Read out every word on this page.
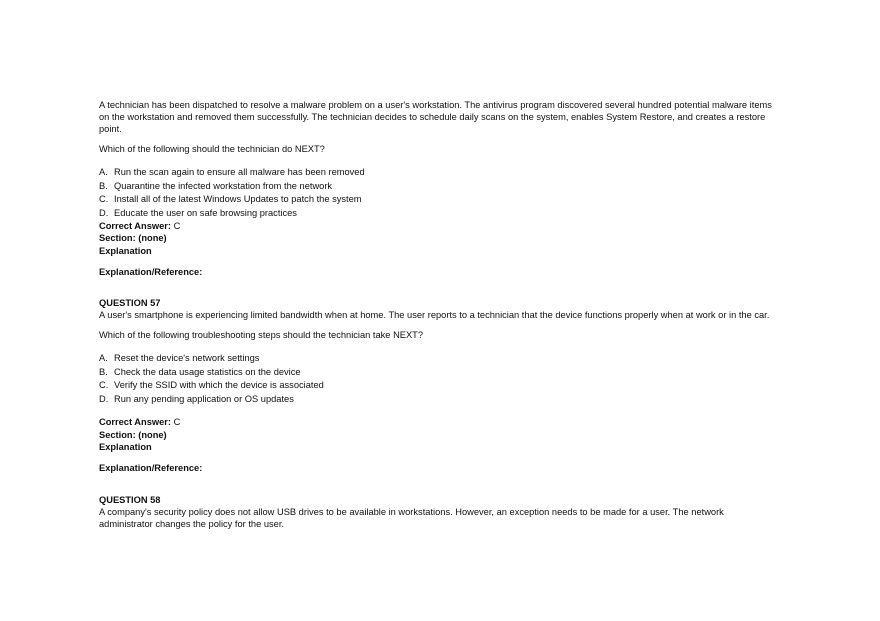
A technician has been dispatched to resolve a malware problem on a user's workstation. The antivirus program discovered several hundred potential malware items on the workstation and removed them successfully. The technician decides to schedule daily scans on the system, enables System Restore, and creates a restore point.

Which of the following should the technician do NEXT?

A. Run the scan again to ensure all malware has been removed
B. Quarantine the infected workstation from the network
C. Install all of the latest Windows Updates to patch the system
D. Educate the user on safe browsing practices

Correct Answer: C

Section: (none)

Explanation

Explanation/Reference:

QUESTION 57

A user's smartphone is experiencing limited bandwidth when at home. The user reports to a technician that the device functions properly when at work or in the car.

Which of the following troubleshooting steps should the technician take NEXT?

A. Reset the device's network settings
B. Check the data usage statistics on the device
C. Verify the SSID with which the device is associated
D. Run any pending application or OS updates

Correct Answer: C

Section: (none)

Explanation

Explanation/Reference:

QUESTION 58

A company's security policy does not allow USB drives to be available in workstations. However, an exception needs to be made for a user. The network administrator changes the policy for the user.
